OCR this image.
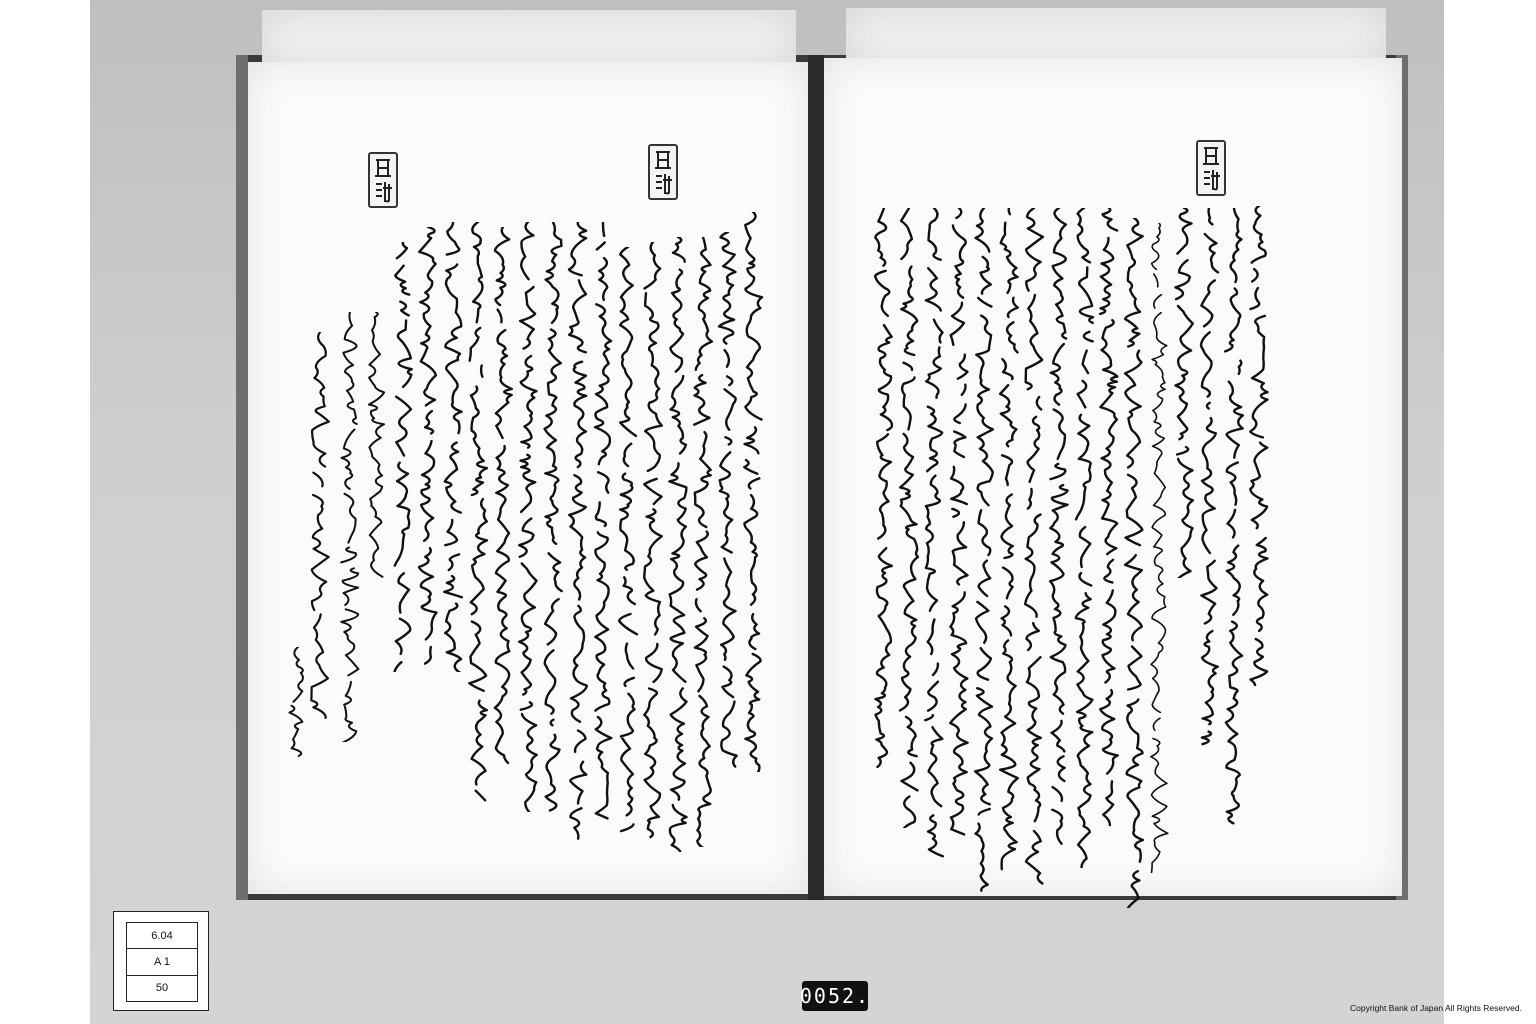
6.04
A 1
50	0052.	Copyright Bank of Japan All Rights Reserved.
